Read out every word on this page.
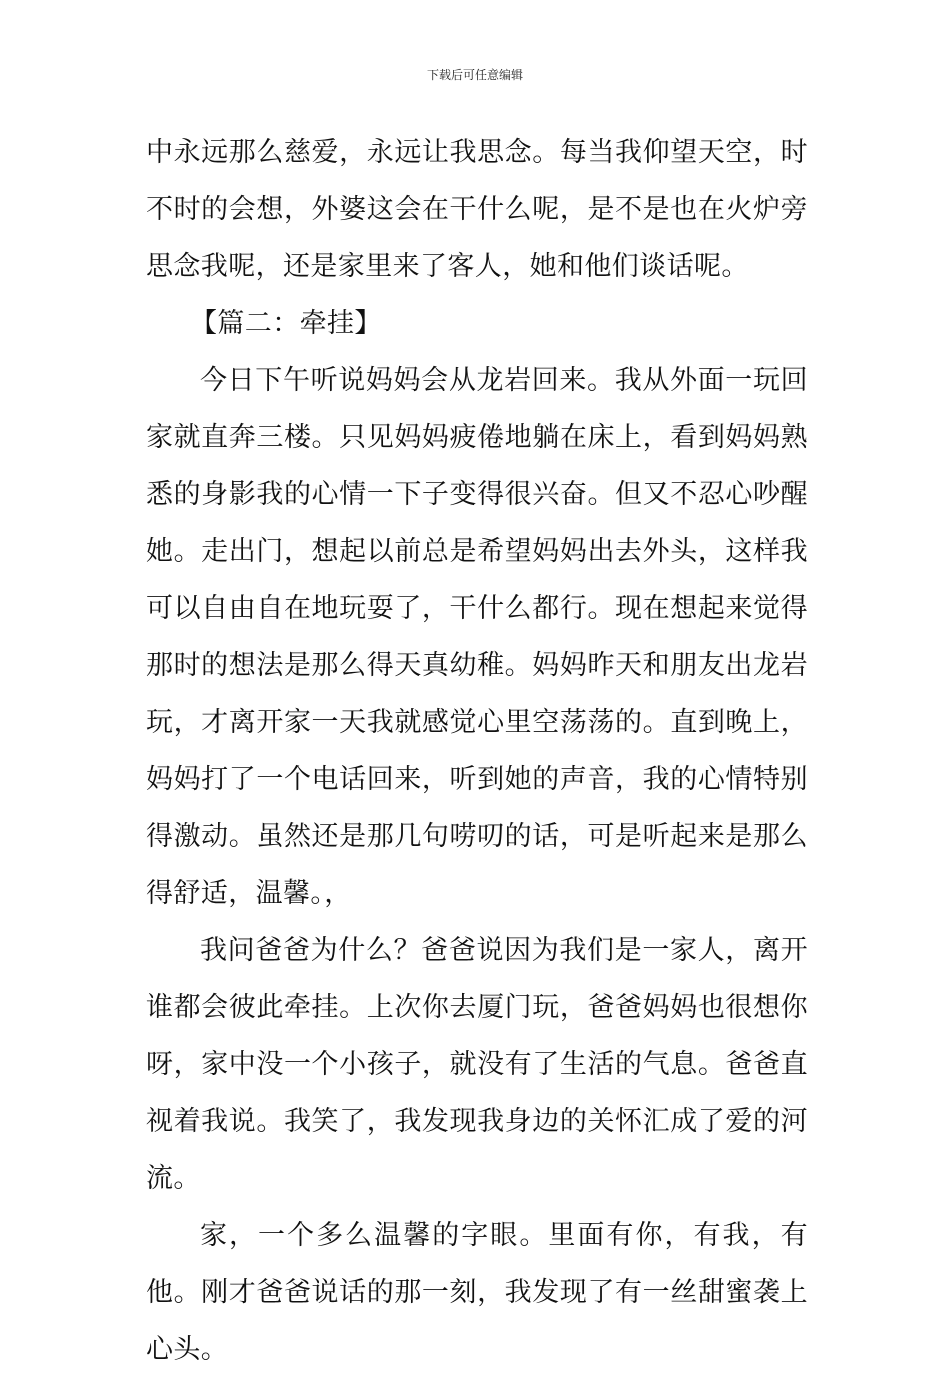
下载后可任意编辑

中永远那么慈爱，永远让我思念。每当我仰望天空，时不时的会想，外婆这会在干什么呢，是不是也在火炉旁思念我呢，还是家里来了客人，她和他们谈话呢。

【篇二：牵挂】

今日下午听说妈妈会从龙岩回来。我从外面一玩回家就直奔三楼。只见妈妈疲倦地躺在床上，看到妈妈熟悉的身影我的心情一下子变得很兴奋。但又不忍心吵醒她。走出门，想起以前总是希望妈妈出去外头，这样我可以自由自在地玩耍了，干什么都行。现在想起来觉得那时的想法是那么得天真幼稚。妈妈昨天和朋友出龙岩玩，才离开家一天我就感觉心里空荡荡的。直到晚上，妈妈打了一个电话回来，听到她的声音，我的心情特别得激动。虽然还是那几句唠叨的话，可是听起来是那么得舒适，温馨。，

我问爸爸为什么？爸爸说因为我们是一家人，离开谁都会彼此牵挂。上次你去厦门玩，爸爸妈妈也很想你呀，家中没一个小孩子，就没有了生活的气息。爸爸直视着我说。我笑了，我发现我身边的关怀汇成了爱的河流。

家，一个多么温馨的字眼。里面有你，有我，有他。刚才爸爸说话的那一刻，我发现了有一丝甜蜜袭上心头。
